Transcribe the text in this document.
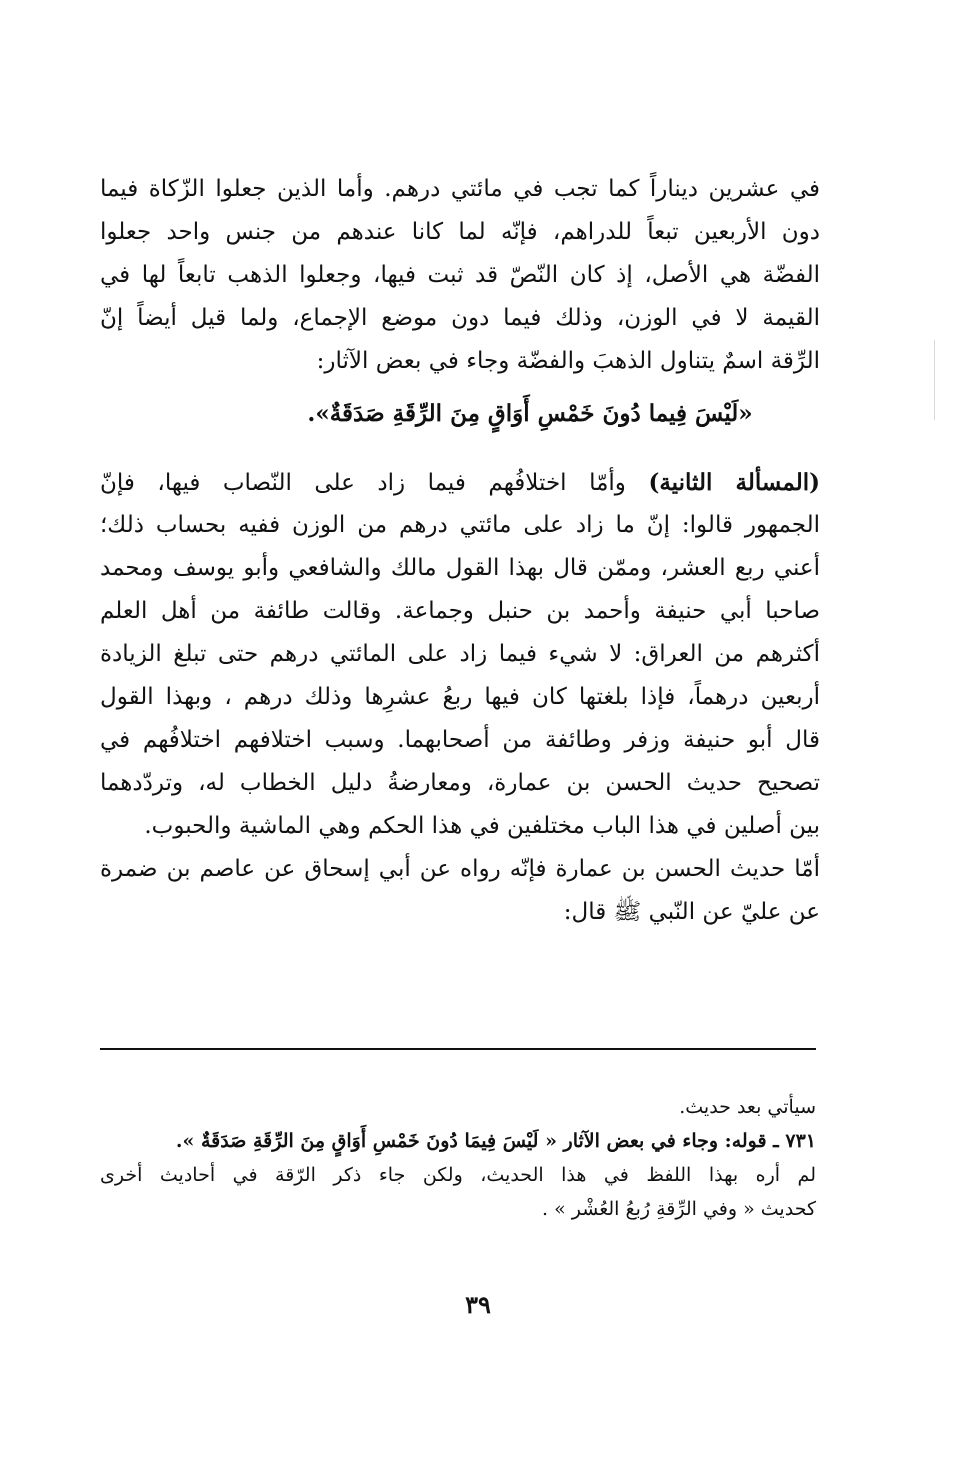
في عشرين ديناراً كما تجب في مائتي درهم. وأما الذين جعلوا الزّكاة فيما
دون الأربعين تبعاً للدراهم، فإنّه لما كانا عندهم من جنس واحد جعلوا
الفضّة هي الأصل، إذ كان النّصّ قد ثبت فيها، وجعلوا الذهب تابعاً لها في
القيمة لا في الوزن، وذلك فيما دون موضع الإجماع، ولما قيل أيضاً إنّ
الرِّقة اسمٌ يتناول الذهبَ والفضّة وجاء في بعض الآثار:
«لَيْسَ فِيما دُونَ خَمْسِ أَوَاقٍ مِنَ الرِّقَةِ صَدَقَةٌ».
(المسألة الثانية) وأمّا اختلافُهم فيما زاد على النّصاب فيها، فإنّ
الجمهور قالوا: إنّ ما زاد على مائتي درهم من الوزن ففيه بحساب ذلك؛
أعني ربع العشر، وممّن قال بهذا القول مالك والشافعي وأبو يوسف ومحمد
صاحبا أبي حنيفة وأحمد بن حنبل وجماعة. وقالت طائفة من أهل العلم
أكثرهم من العراق: لا شيء فيما زاد على المائتي درهم حتى تبلغ الزيادة
أربعين درهماً، فإذا بلغتها كان فيها ربعُ عشرِها وذلك درهم ، وبهذا القول
قال أبو حنيفة وزفر وطائفة من أصحابهما. وسبب اختلافهم اختلافُهم في
تصحيح حديث الحسن بن عمارة، ومعارضةُ دليل الخطاب له، وتردّدهما
بين أصلين في هذا الباب مختلفين في هذا الحكم وهي الماشية والحبوب.
أمّا حديث الحسن بن عمارة فإنّه رواه عن أبي إسحاق عن عاصم بن ضمرة
عن عليّ عن النّبي ﷺ قال:
سيأتي بعد حديث.
٧٣١ ـ قوله: وجاء في بعض الآثار « لَيْسَ فِيمَا دُونَ خَمْسِ أَوَاقٍ مِنَ الرِّقَةِ صَدَقَةٌ ».
لم أره بهذا اللفظ في هذا الحديث، ولكن جاء ذكر الرّقة في أحاديث أخرى
كحديث « وفي الرِّقةِ رُبعُ العُشْر » .
٣٩
